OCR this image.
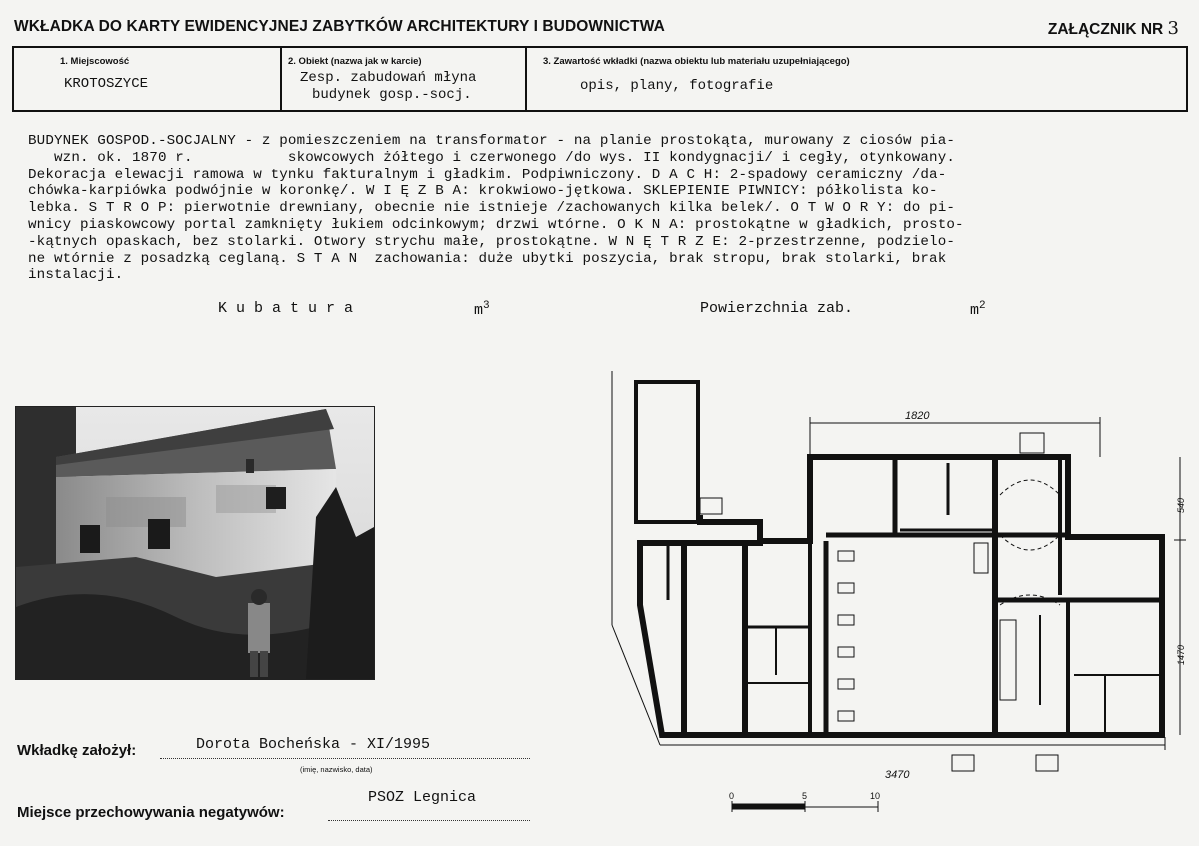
WKŁADKA DO KARTY EWIDENCYJNEJ ZABYTKÓW ARCHITEKTURY I BUDOWNICTWA	ZAŁĄCZNIK NR 3
1. Miejscowość
KROTOSZYCE
2. Obiekt (nazwa jak w karcie)
Zesp. zabudowań młyna
budynek gosp.-socj.
3. Zawartość wkładki (nazwa obiektu lub materiału uzupełniającego)
opis, plany, fotografie
BUDYNEK GOSPOD.-SOCJALNY - z pomieszczeniem na transformator - na planie prostokąta, murowany z ciosów pia-
wzn. ok. 1870 r.           skowcowych żółtego i czerwonego /do wys. II kondygnacji/ i cegły, otynkowany.
Dekoracja elewacji ramowa w tynku fakturalnym i gładkim. Podpiwniczony. D A C H: 2-spadowy ceramiczny /da-
chówka-karpiówka podwójnie w koronkę/. W I Ę Z B A: krokwiowo-jętkowa. SKLEPIENIE PIWNICY: półkolista ko-
lebka. S T R O P: pierwotnie drewniany, obecnie nie istnieje /zachowanych kilka belek/. O T W O R Y: do pi-
wnicy piaskowcowy portal zamknięty łukiem odcinkowym; drzwi wtórne. O K N A: prostokątne w gładkich, prosto-
-kątnych opaskach, bez stolarki. Otwory strychu małe, prostokątne. W N Ę T R Z E: 2-przestrzenne, podzielo-
ne wtórnie z posadzką ceglaną. S T A N  zachowania: duże ubytki poszycia, brak stropu, brak stolarki, brak
instalacji.
K u b a t u r a	$m^3$	Powierzchnia zab.	$m^2$
1820
3470
540
1470
0	5	10
Wkładkę założył:	Dorota Bocheńska - XI/1995
(imię, nazwisko, data)
Miejsce przechowywania negatywów:
PSOZ Legnica
